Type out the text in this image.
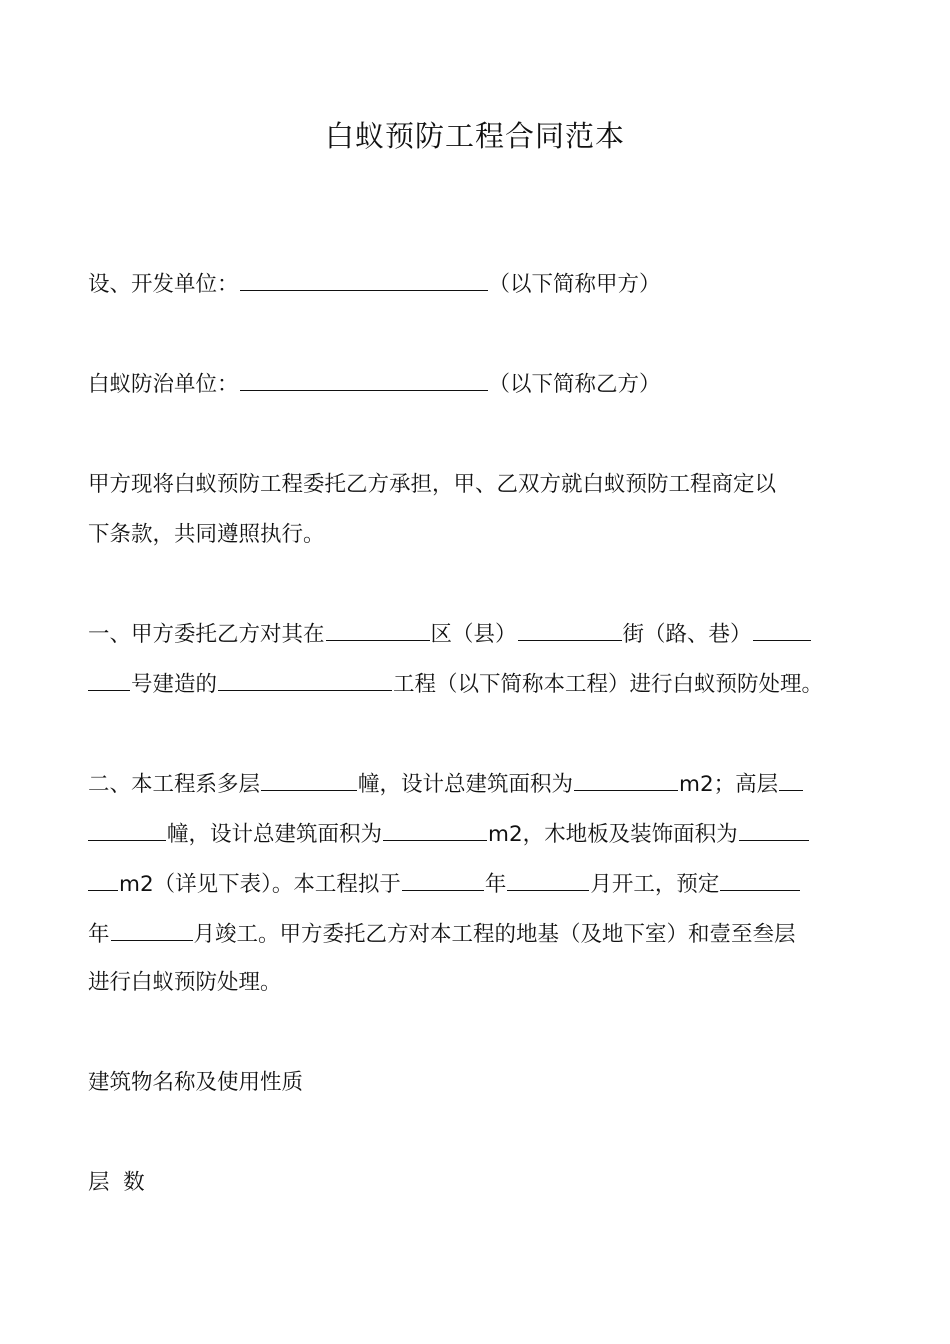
白蚁预防工程合同范本
设、开发单位：	（以下简称甲方）
白蚁防治单位：	（以下简称乙方）
甲方现将白蚁预防工程委托乙方承担，甲、乙双方就白蚁预防工程商定以
下条款，共同遵照执行。
一、甲方委托乙方对其在	区（县）	街（路、巷）
号建造的	工程（以下简称本工程）进行白蚁预防处理。
二、本工程系多层	幢，设计总建筑面积为	m2；高层
幢，设计总建筑面积为	m2，木地板及装饰面积为
m2（详见下表）。本工程拟于	年	月开工，预定
年	月竣工。甲方委托乙方对本工程的地基（及地下室）和壹至叁层
进行白蚁预防处理。
建筑物名称及使用性质
层  数
